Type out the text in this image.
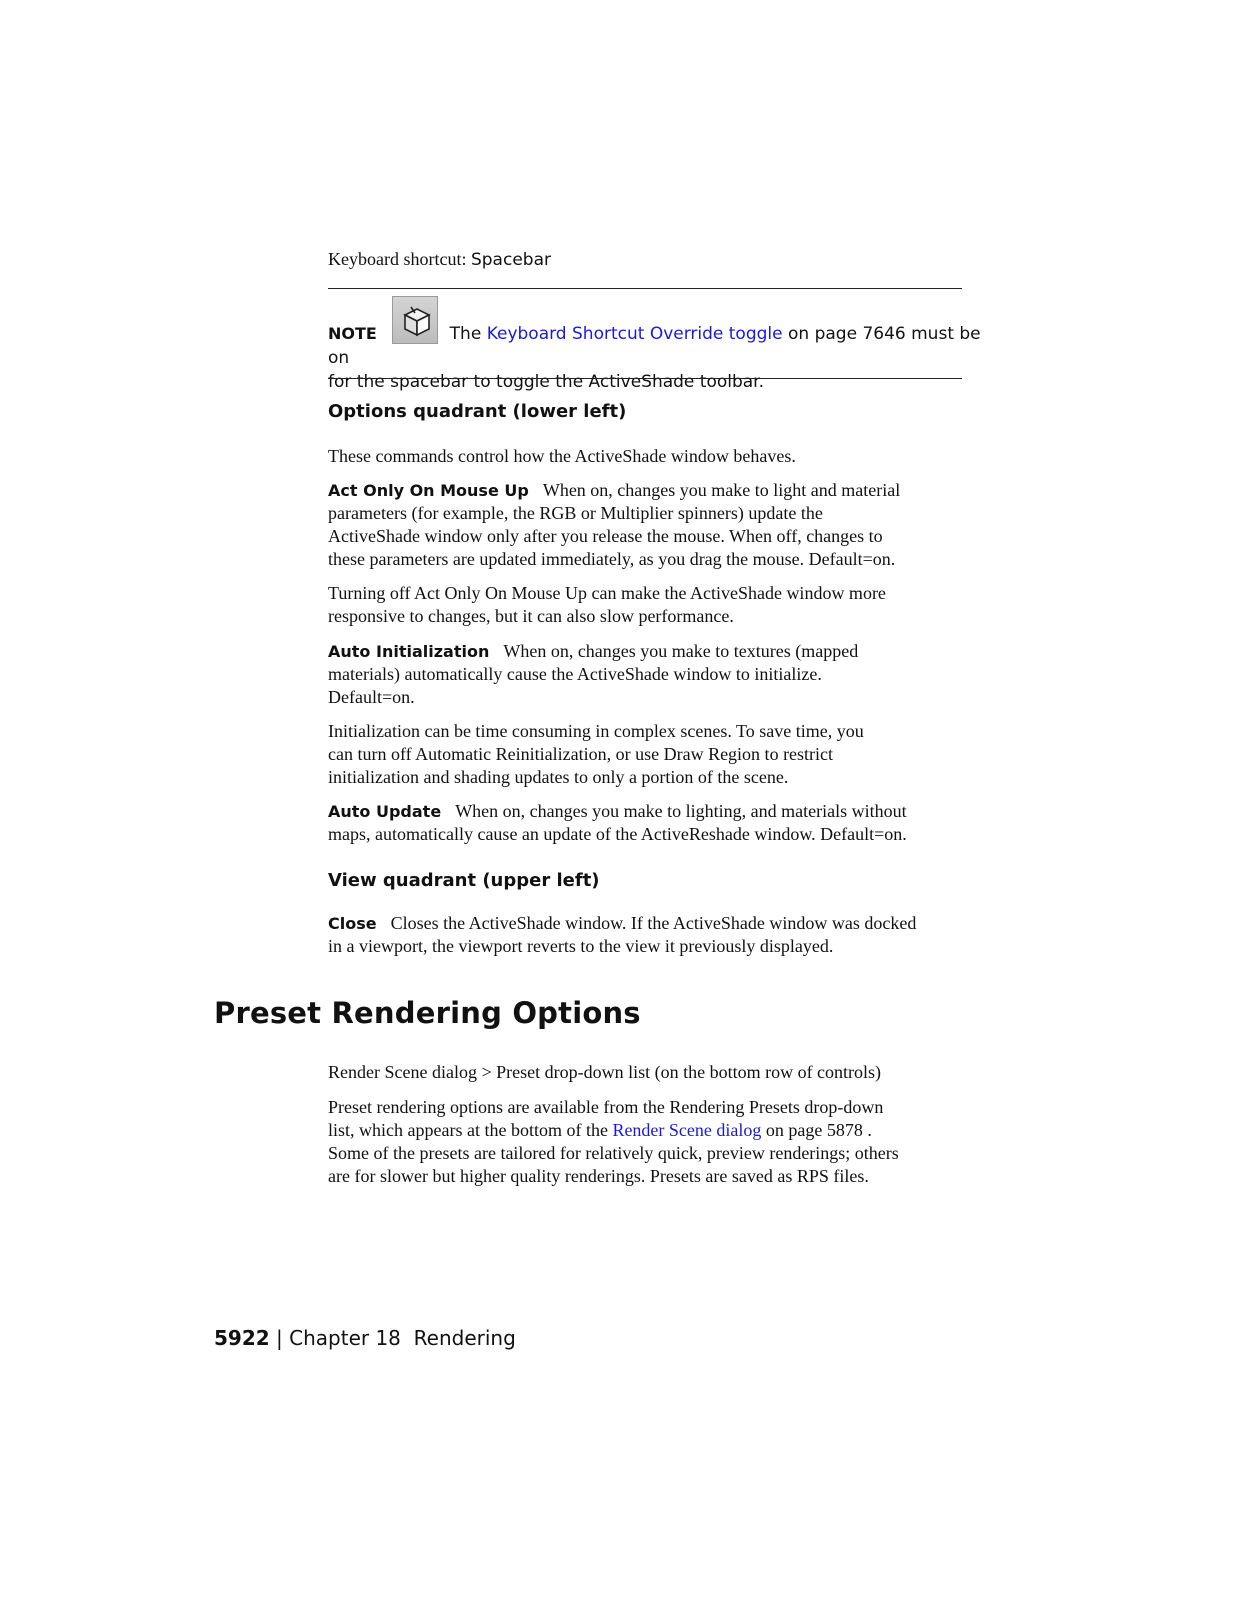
Keyboard shortcut: Spacebar

NOTE	The Keyboard Shortcut Override toggle on page 7646 must be on

for the spacebar to toggle the ActiveShade toolbar.

Options quadrant (lower left)

These commands control how the ActiveShade window behaves.

Act Only On Mouse Up When on, changes you make to light and material

parameters (for example, the RGB or Multiplier spinners) update the

ActiveShade window only after you release the mouse. When off, changes to

these parameters are updated immediately, as you drag the mouse. Default=on.

Turning off Act Only On Mouse Up can make the ActiveShade window more

responsive to changes, but it can also slow performance.

Auto Initialization When on, changes you make to textures (mapped

materials) automatically cause the ActiveShade window to initialize.

Default=on.

Initialization can be time consuming in complex scenes. To save time, you

can turn off Automatic Reinitialization, or use Draw Region to restrict

initialization and shading updates to only a portion of the scene.

Auto Update When on, changes you make to lighting, and materials without

maps, automatically cause an update of the ActiveReshade window. Default=on.

View quadrant (upper left)

Close Closes the ActiveShade window. If the ActiveShade window was docked

in a viewport, the viewport reverts to the view it previously displayed.

Preset Rendering Options

Render Scene dialog > Preset drop-down list (on the bottom row of controls)

Preset rendering options are available from the Rendering Presets drop-down

list, which appears at the bottom of the Render Scene dialog on page 5878 .

Some of the presets are tailored for relatively quick, preview renderings; others

are for slower but higher quality renderings. Presets are saved as RPS files.

5922 | Chapter 18 Rendering
